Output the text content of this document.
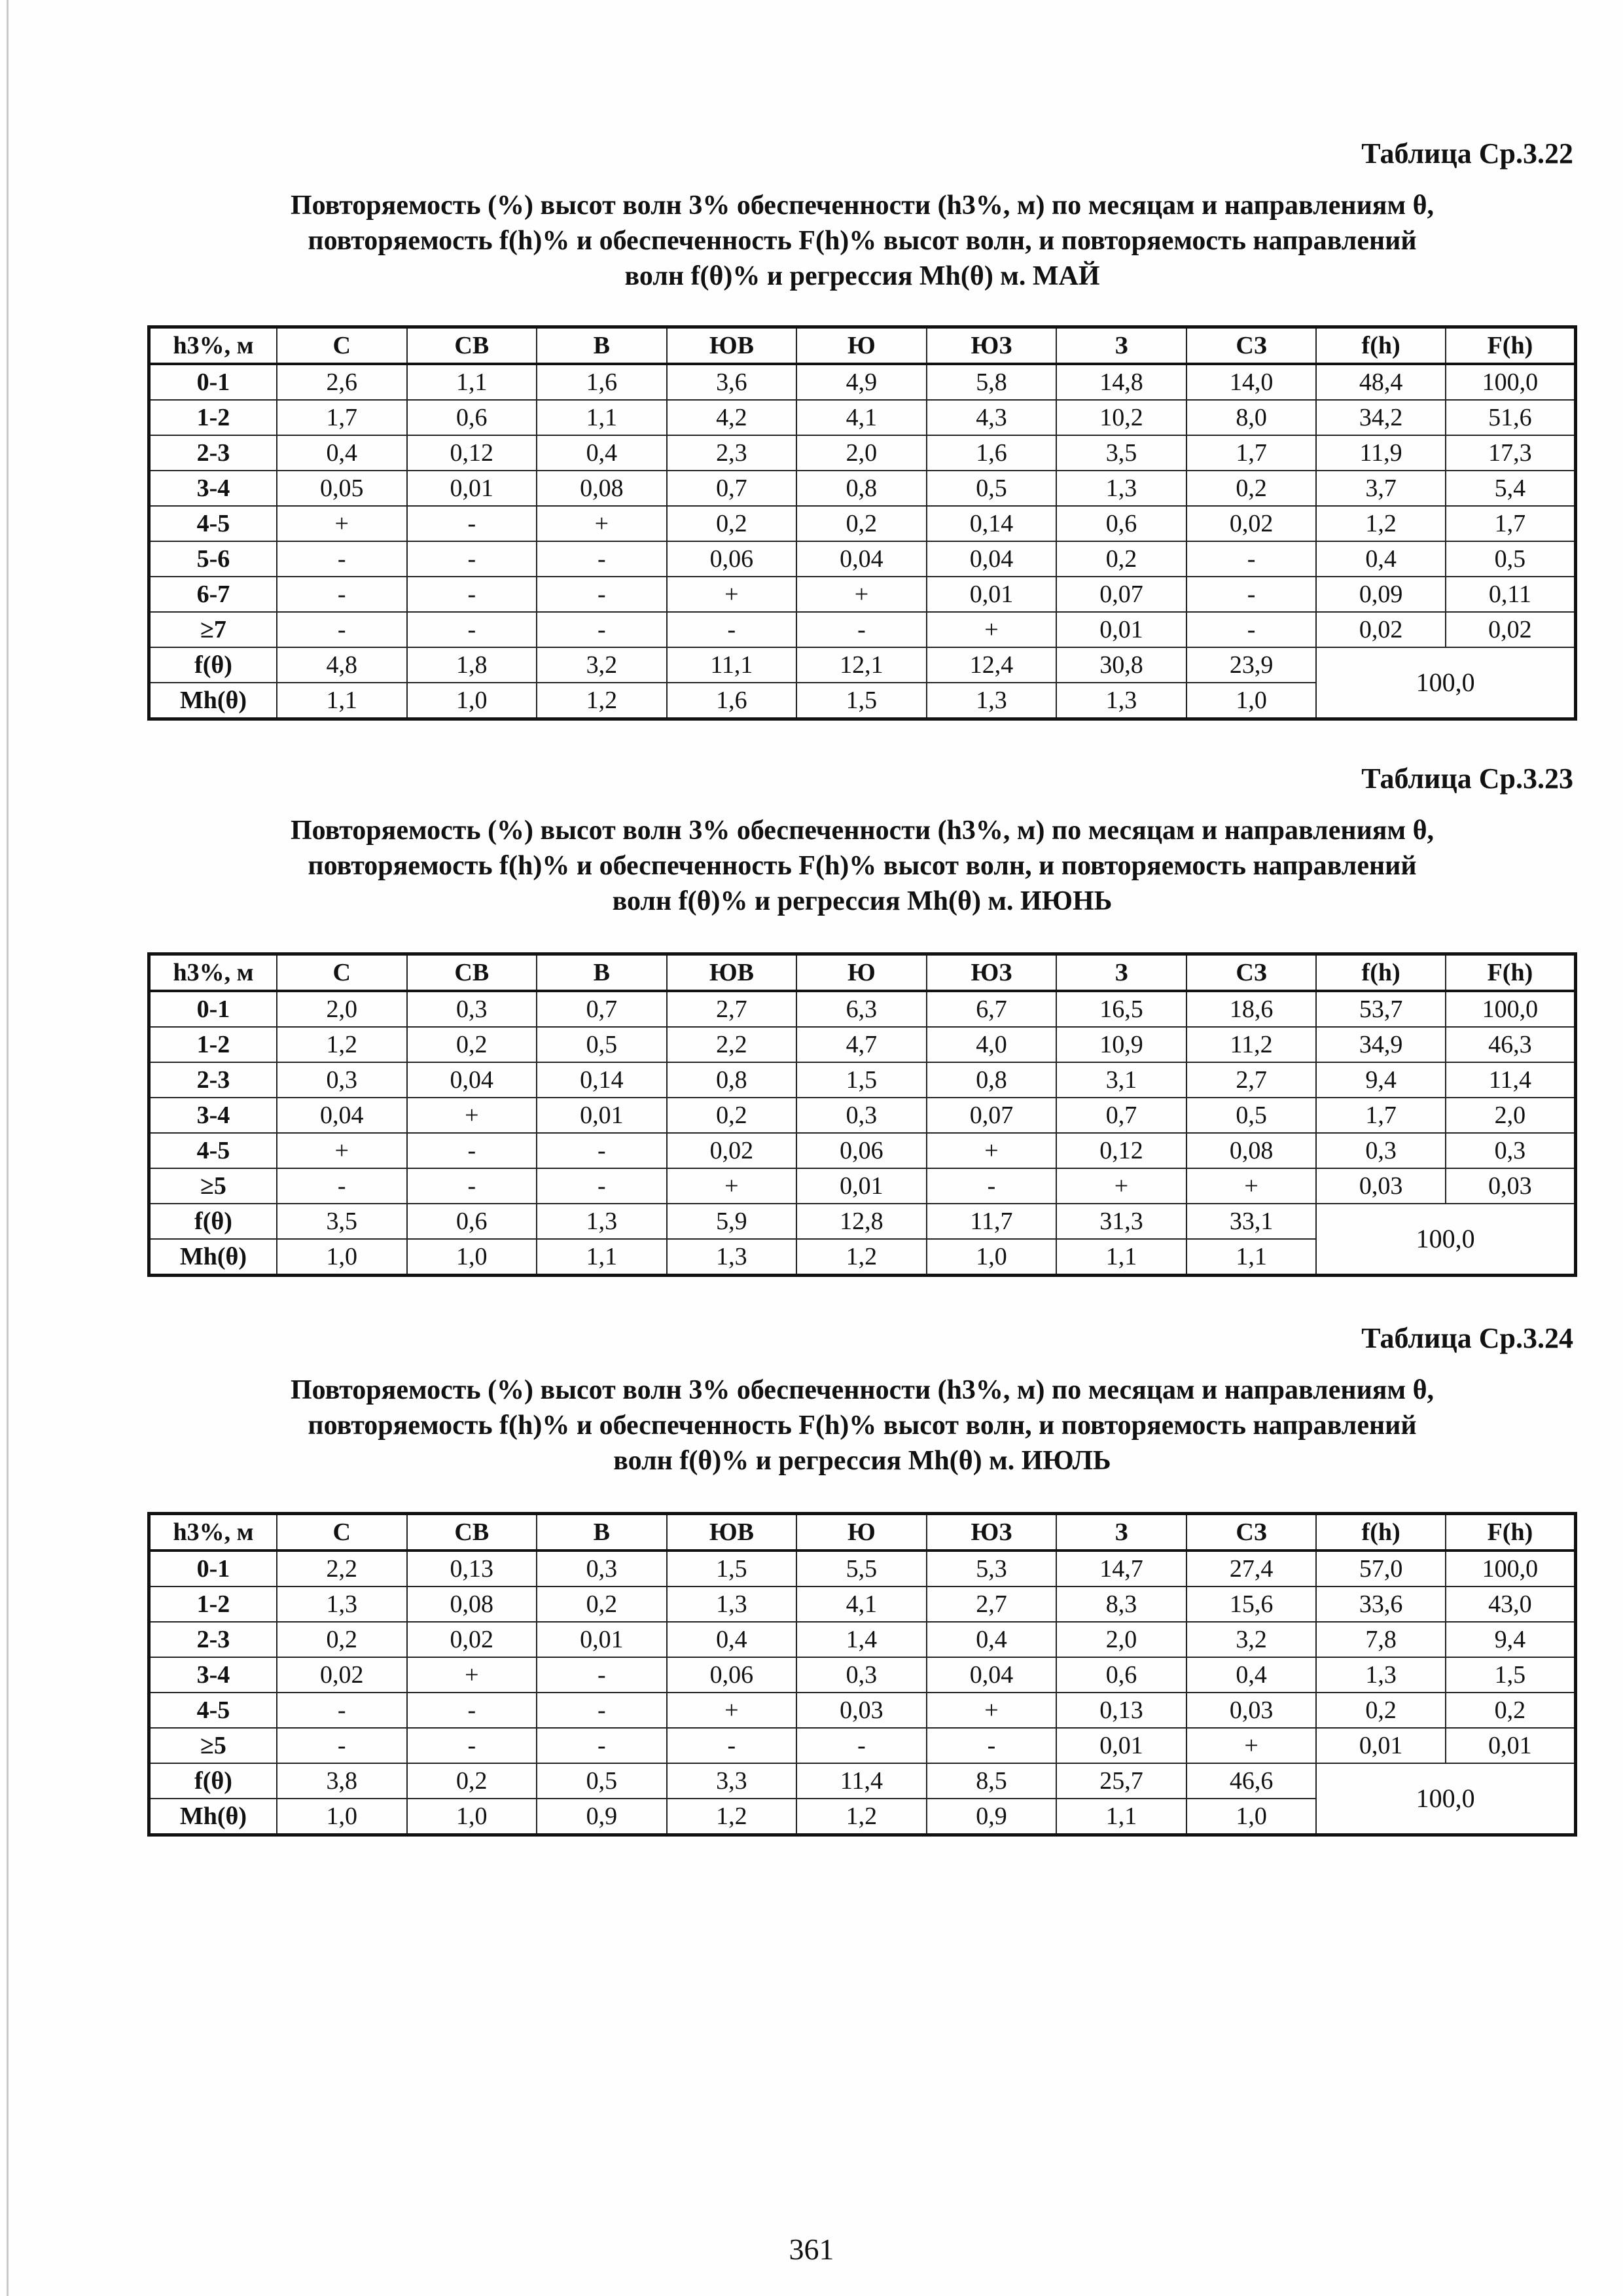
Таблица Ср.3.22
Повторяемость (%) высот волн 3% обеспеченности (h3%, м) по месяцам и направлениям θ,
повторяемость f(h)% и обеспеченность F(h)% высот волн, и повторяемость направлений
волн f(θ)% и регрессия Mh(θ) м. МАЙ
h3%, м	С	СВ	В	ЮВ	Ю	ЮЗ	З	СЗ	f(h)	F(h)
0-1	2,6	1,1	1,6	3,6	4,9	5,8	14,8	14,0	48,4	100,0
1-2	1,7	0,6	1,1	4,2	4,1	4,3	10,2	8,0	34,2	51,6
2-3	0,4	0,12	0,4	2,3	2,0	1,6	3,5	1,7	11,9	17,3
3-4	0,05	0,01	0,08	0,7	0,8	0,5	1,3	0,2	3,7	5,4
4-5	+	-	+	0,2	0,2	0,14	0,6	0,02	1,2	1,7
5-6	-	-	-	0,06	0,04	0,04	0,2	-	0,4	0,5
6-7	-	-	-	+	+	0,01	0,07	-	0,09	0,11
≥7	-	-	-	-	-	+	0,01	-	0,02	0,02
f(θ)	4,8	1,8	3,2	11,1	12,1	12,4	30,8	23,9	100,0	
Mh(θ)	1,1	1,0	1,2	1,6	1,5	1,3	1,3	1,0		
Таблица Ср.3.23
Повторяемость (%) высот волн 3% обеспеченности (h3%, м) по месяцам и направлениям θ,
повторяемость f(h)% и обеспеченность F(h)% высот волн, и повторяемость направлений
волн f(θ)% и регрессия Mh(θ) м. ИЮНЬ
h3%, м	С	СВ	В	ЮВ	Ю	ЮЗ	З	СЗ	f(h)	F(h)
0-1	2,0	0,3	0,7	2,7	6,3	6,7	16,5	18,6	53,7	100,0
1-2	1,2	0,2	0,5	2,2	4,7	4,0	10,9	11,2	34,9	46,3
2-3	0,3	0,04	0,14	0,8	1,5	0,8	3,1	2,7	9,4	11,4
3-4	0,04	+	0,01	0,2	0,3	0,07	0,7	0,5	1,7	2,0
4-5	+	-	-	0,02	0,06	+	0,12	0,08	0,3	0,3
≥5	-	-	-	+	0,01	-	+	+	0,03	0,03
f(θ)	3,5	0,6	1,3	5,9	12,8	11,7	31,3	33,1	100,0	
Mh(θ)	1,0	1,0	1,1	1,3	1,2	1,0	1,1	1,1		
Таблица Ср.3.24
Повторяемость (%) высот волн 3% обеспеченности (h3%, м) по месяцам и направлениям θ,
повторяемость f(h)% и обеспеченность F(h)% высот волн, и повторяемость направлений
волн f(θ)% и регрессия Mh(θ) м. ИЮЛЬ
h3%, м	С	СВ	В	ЮВ	Ю	ЮЗ	З	СЗ	f(h)	F(h)
0-1	2,2	0,13	0,3	1,5	5,5	5,3	14,7	27,4	57,0	100,0
1-2	1,3	0,08	0,2	1,3	4,1	2,7	8,3	15,6	33,6	43,0
2-3	0,2	0,02	0,01	0,4	1,4	0,4	2,0	3,2	7,8	9,4
3-4	0,02	+	-	0,06	0,3	0,04	0,6	0,4	1,3	1,5
4-5	-	-	-	+	0,03	+	0,13	0,03	0,2	0,2
≥5	-	-	-	-	-	-	0,01	+	0,01	0,01
f(θ)	3,8	0,2	0,5	3,3	11,4	8,5	25,7	46,6	100,0	
Mh(θ)	1,0	1,0	0,9	1,2	1,2	0,9	1,1	1,0		
361
